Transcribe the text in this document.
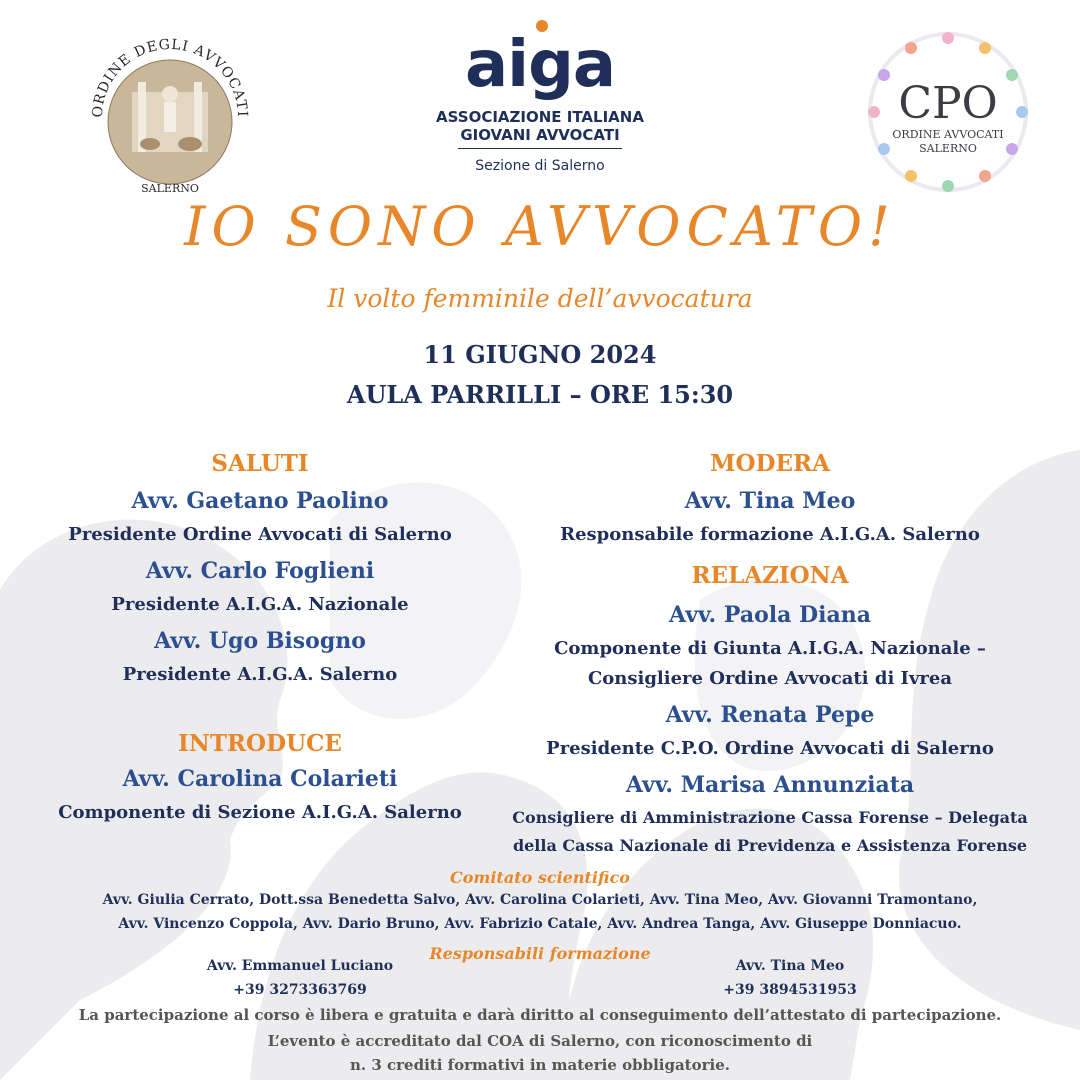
ORDINE DEGLI AVVOCATI
SALERNO
aiga
ASSOCIAZIONE ITALIANA
GIOVANI AVVOCATI
Sezione di Salerno
CPO
ORDINE AVVOCATI
SALERNO
IO SONO AVVOCATO!
Il volto femminile dell’avvocatura
11 GIUGNO 2024
AULA PARRILLI – ORE 15:30
SALUTI
Avv. Gaetano Paolino
Presidente Ordine Avvocati di Salerno
Avv. Carlo Foglieni
Presidente A.I.G.A. Nazionale
Avv. Ugo Bisogno
Presidente A.I.G.A. Salerno
INTRODUCE
Avv. Carolina Colarieti
Componente di Sezione A.I.G.A. Salerno
MODERA
Avv. Tina Meo
Responsabile formazione A.I.G.A. Salerno
RELAZIONA
Avv. Paola Diana
Componente di Giunta A.I.G.A. Nazionale –
Consigliere Ordine Avvocati di Ivrea
Avv. Renata Pepe
Presidente C.P.O. Ordine Avvocati di Salerno
Avv. Marisa Annunziata
Consigliere di Amministrazione Cassa Forense – Delegata
della Cassa Nazionale di Previdenza e Assistenza Forense
Comitato scientifico
Avv. Giulia Cerrato, Dott.ssa Benedetta Salvo, Avv. Carolina Colarieti, Avv. Tina Meo, Avv. Giovanni Tramontano,
Avv. Vincenzo Coppola, Avv. Dario Bruno, Avv. Fabrizio Catale, Avv. Andrea Tanga, Avv. Giuseppe Donniacuo.
Responsabili formazione
Avv. Emmanuel Luciano
+39 3273363769
Avv. Tina Meo
+39 3894531953
La partecipazione al corso è libera e gratuita e darà diritto al conseguimento dell’attestato di partecipazione.
L’evento è accreditato dal COA di Salerno, con riconoscimento di
n. 3 crediti formativi in materie obbligatorie.
